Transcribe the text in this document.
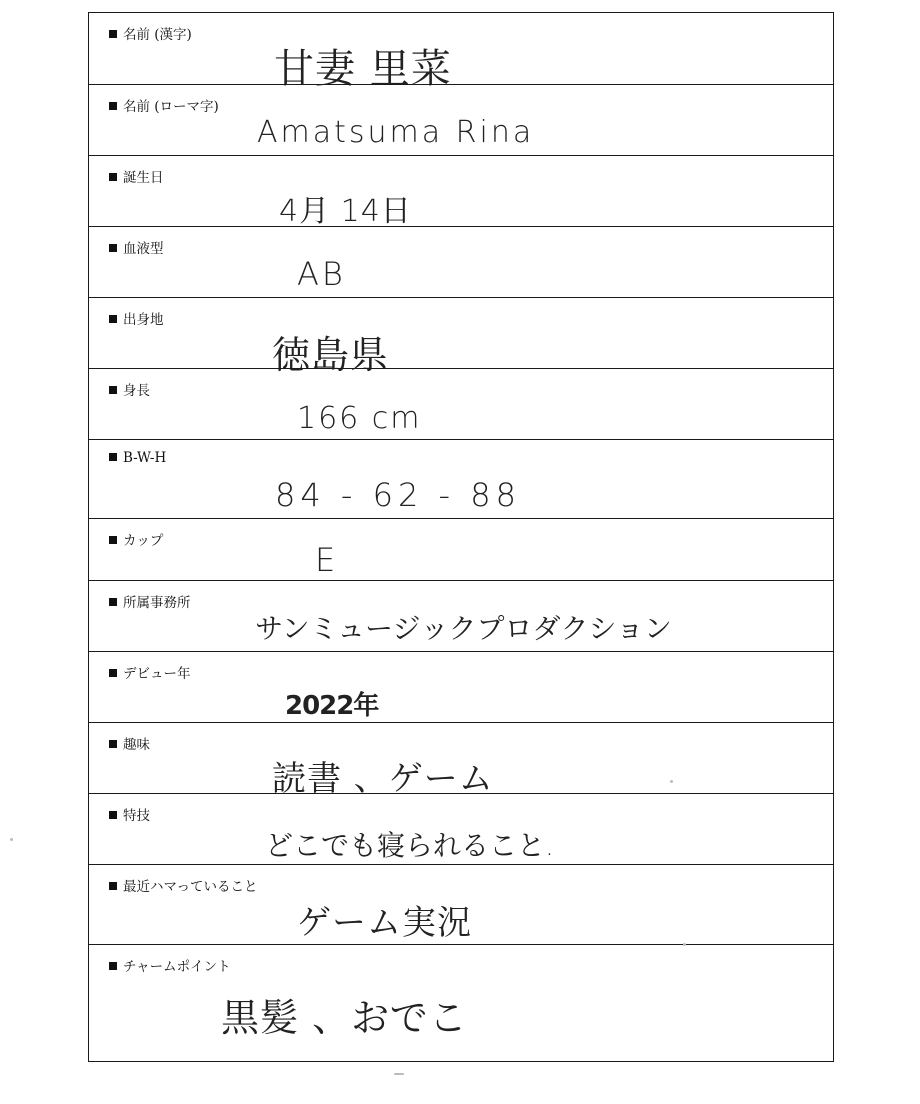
名前 (漢字)
甘妻 里菜
名前 (ローマ字)
Amatsuma Rina
誕生日
4月 14日
血液型
AB
出身地
徳島県
身長
166 cm
B-W-H
84 - 62 - 88
カップ	E
所属事務所
サンミュージックプロダクション
デビュー年
2022年
趣味
読書 、ゲーム
特技
どこでも寝られること.
最近ハマっていること
ゲーム実況
チャームポイント
黒髪 、おでこ
